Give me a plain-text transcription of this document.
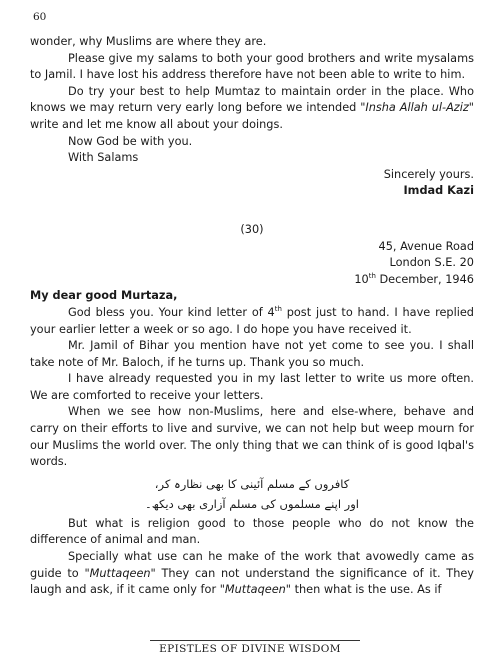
60

wonder, why Muslims are where they are.

Please give my salams to both your good brothers and write mysalams to Jamil. I have lost his address therefore have not been able to write to him.

Do try your best to help Mumtaz to maintain order in the place. Who knows we may return very early long before we intended "Insha Allah ul-Aziz" write and let me know all about your doings.

Now God be with you.

With Salams

Sincerely yours.

Imdad Kazi

(30)

45, Avenue Road

London S.E. 20

10th December, 1946

My dear good Murtaza,

God bless you. Your kind letter of 4th post just to hand. I have replied your earlier letter a week or so ago. I do hope you have received it.

Mr. Jamil of Bihar you mention have not yet come to see you. I shall take note of Mr. Baloch, if he turns up. Thank you so much.

I have already requested you in my last letter to write us more often. We are comforted to receive your letters.

When we see how non-Muslims, here and else-where, behave and carry on their efforts to live and survive, we can not help but weep mourn for our Muslims the world over. The only thing that we can think of is good Iqbal's words.

کافروں کے مسلم آئینی کا بھی نظارہ کر،
اور اپنے مسلموں کی مسلم آزاری بھی دیکھ۔

But what is religion good to those people who do not know the difference of animal and man.

Specially what use can he make of the work that avowedly came as guide to "Muttaqeen" They can not understand the significance of it. They laugh and ask, if it came only for "Muttaqeen" then what is the use. As if

EPISTLES OF DIVINE WISDOM
